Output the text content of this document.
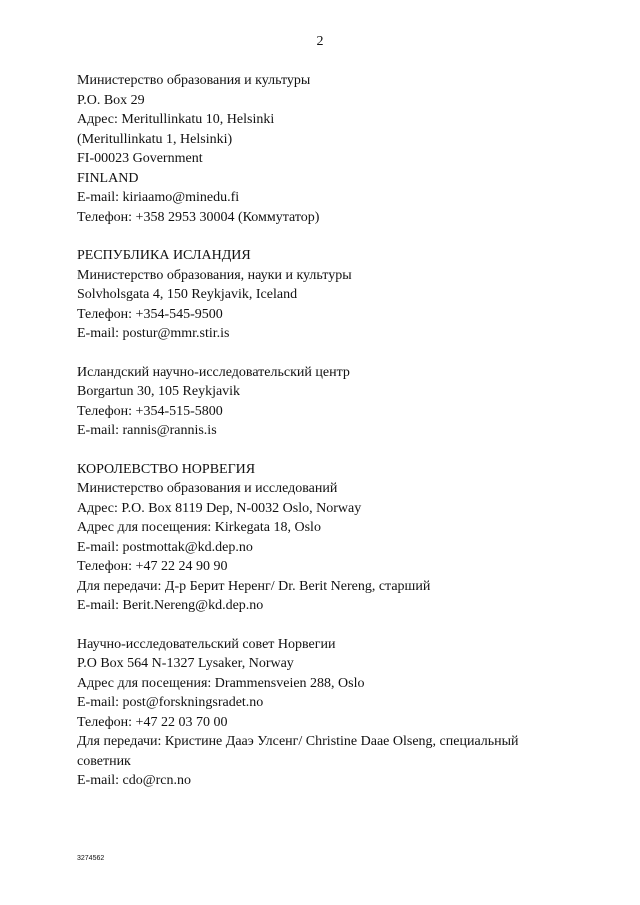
2
Министерство образования и культуры
P.O. Box 29
Адрес: Meritullinkatu 10, Helsinki
(Meritullinkatu 1, Helsinki)
FI-00023 Government
FINLAND
E-mail: kiriaamo@minedu.fi
Телефон: +358 2953 30004 (Коммутатор)
РЕСПУБЛИКА ИСЛАНДИЯ
Министерство образования, науки и культуры
Solvholsgata 4, 150 Reykjavik, Iceland
Телефон: +354-545-9500
E-mail: postur@mmr.stir.is
Исландский научно-исследовательский центр
Borgartun 30, 105 Reykjavik
Телефон: +354-515-5800
E-mail: rannis@rannis.is
КОРОЛЕВСТВО НОРВЕГИЯ
Министерство образования и исследований
Адрес: P.O. Box 8119 Dep, N-0032 Oslo, Norway
Адрес для посещения: Kirkegata 18, Oslo
E-mail: postmottak@kd.dep.no
Телефон: +47 22 24 90 90
Для передачи: Д-р Берит Неренг/ Dr. Berit Nereng, старший
E-mail: Berit.Nereng@kd.dep.no
Научно-исследовательский совет Норвегии
P.O Box 564 N-1327 Lysaker, Norway
Адрес для посещения: Drammensveien 288, Oslo
E-mail: post@forskningsradet.no
Телефон: +47 22 03 70 00
Для передачи: Кристине Дааэ Улсенг/ Christine Daae Olseng, специальный
советник
E-mail: cdo@rcn.no
3274562
